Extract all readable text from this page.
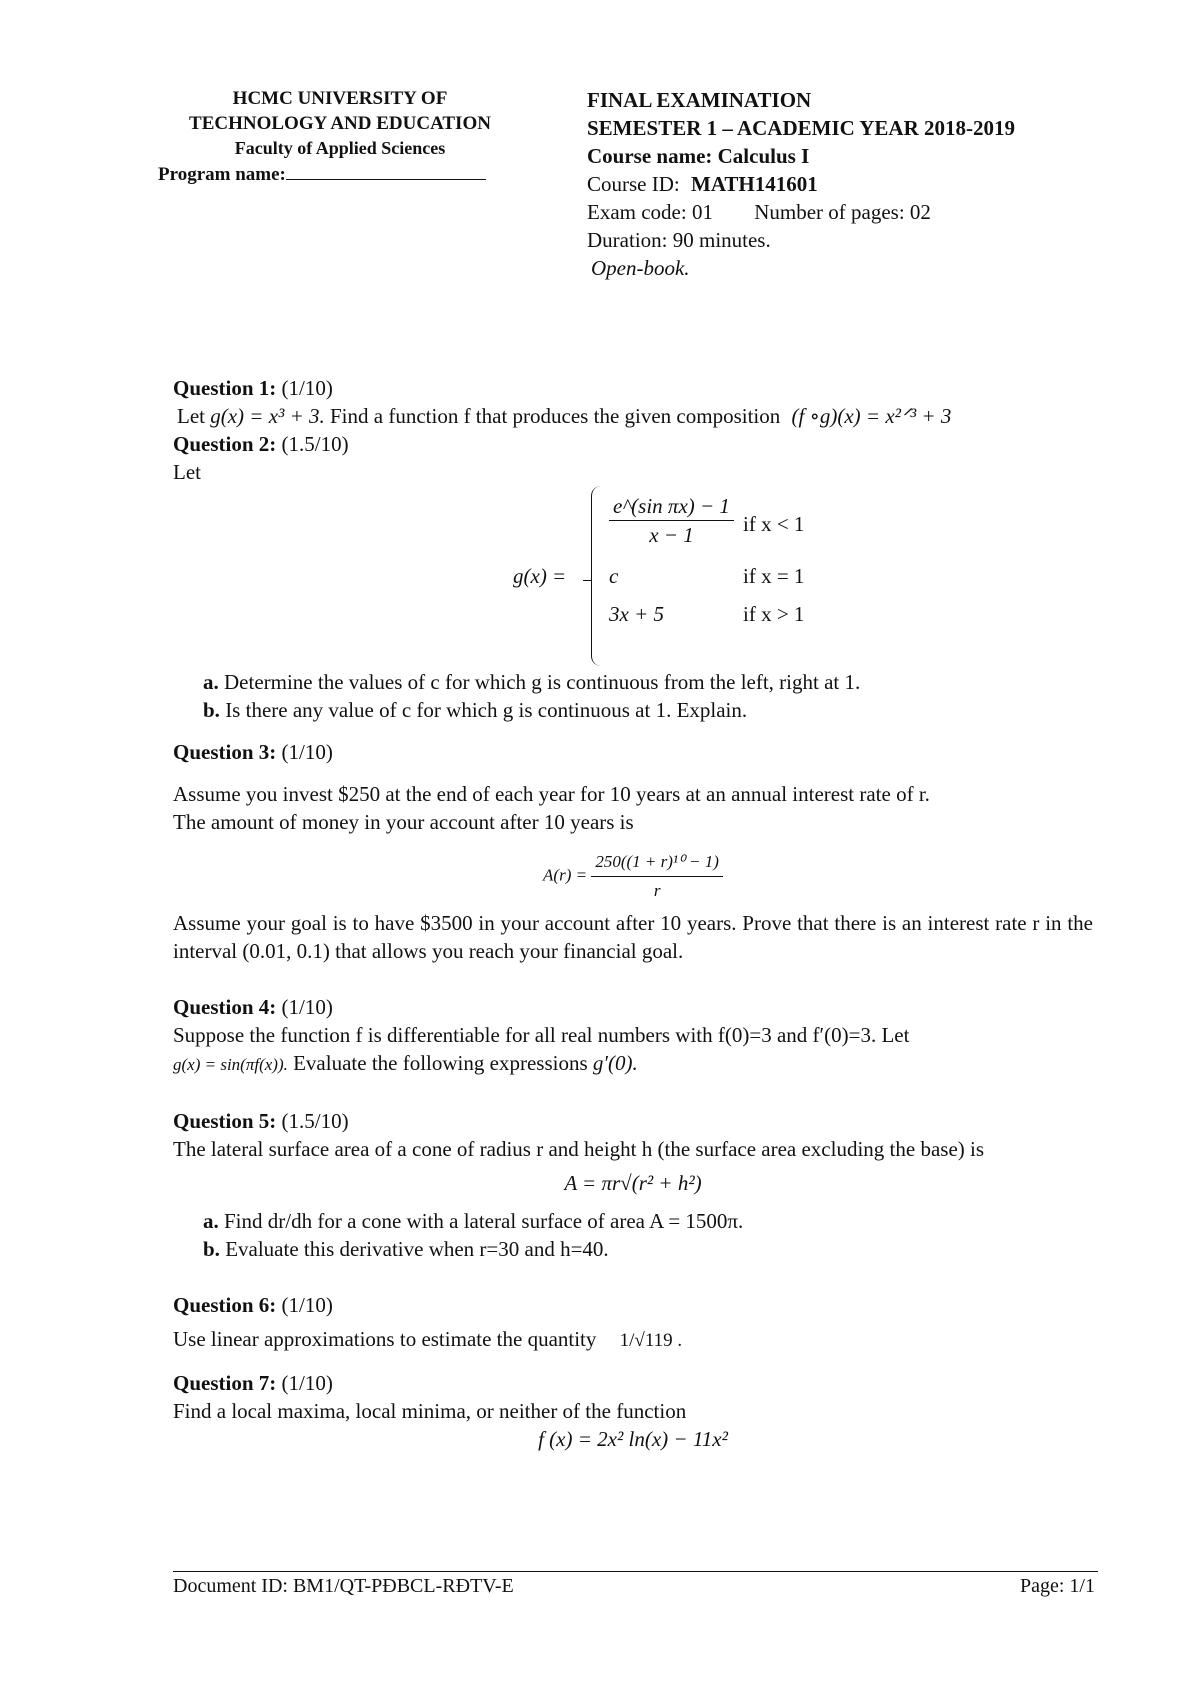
HCMC UNIVERSITY OF
TECHNOLOGY AND EDUCATION
Faculty of Applied Sciences
Program name:
FINAL EXAMINATION
SEMESTER 1 – ACADEMIC YEAR 2018-2019
Course name: Calculus I
Course ID: MATH141601
Exam code: 01 Number of pages: 02
Duration: 90 minutes.
Open-book.
Question 1: (1/10)
Let g(x) = x³ + 3. Find a function f that produces the given composition (f ∘g)(x) = x²ᐟ³ + 3
Question 2: (1.5/10)
Let
g(x) =
$\frac{\text{e\textasciicircum{}(sin πx) − 1}}{x - 1}$ if x < 1
c	if x = 1
3x + 5	if x > 1
a. Determine the values of c for which g is continuous from the left, right at 1.
b. Is there any value of c for which g is continuous at 1. Explain.
Question 3: (1/10)
Assume you invest $250 at the end of each year for 10 years at an annual interest rate of r.
The amount of money in your account after 10 years is
$A(r) = \frac{\text{250((1 + r)¹⁰ − 1)}}{r}$
Assume your goal is to have $3500 in your account after 10 years. Prove that there is an interest rate r in the interval (0.01, 0.1) that allows you reach your financial goal.
Question 4: (1/10)
Suppose the function f is differentiable for all real numbers with f(0)=3 and f′(0)=3. Let
g(x) = sin(πf(x)). Evaluate the following expressions g′(0).
Question 5: (1.5/10)
The lateral surface area of a cone of radius r and height h (the surface area excluding the base) is
A = πr√(r² + h²)
a. Find dr/dh for a cone with a lateral surface of area A = 1500π.
b. Evaluate this derivative when r=30 and h=40.
Question 6: (1/10)
Use linear approximations to estimate the quantity 1/√119 .
Question 7: (1/10)
Find a local maxima, local minima, or neither of the function
f (x) = 2x² ln(x) − 11x²
Document ID: BM1/QT-PĐBCL-RĐTV-E	Page: 1/1
